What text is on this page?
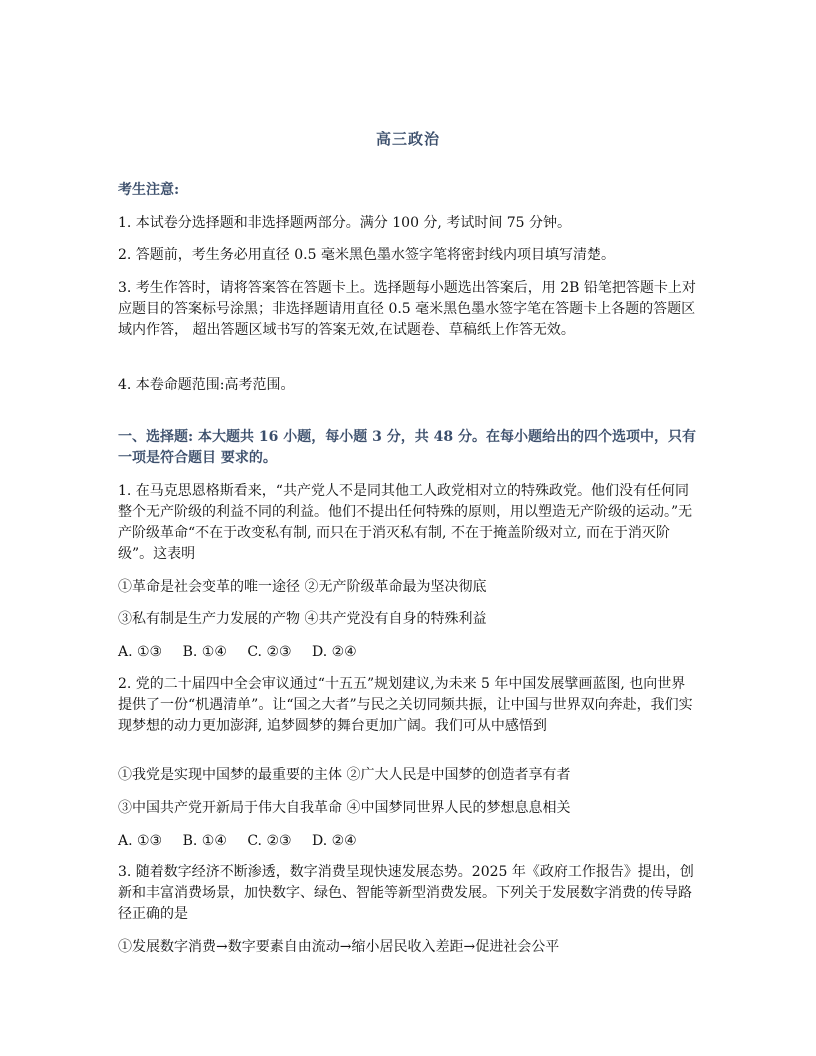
高三政治

考生注意:

1. 本试卷分选择题和非选择题两部分。满分 100 分, 考试时间 75 分钟。

2. 答题前，考生务必用直径 0.5 毫米黑色墨水签字笔将密封线内项目填写清楚。

3. 考生作答时，请将答案答在答题卡上。选择题每小题选出答案后，用 2B 铅笔把答题卡上对应题目的答案标号涂黑；非选择题请用直径 0.5 毫米黑色墨水签字笔在答题卡上各题的答题区域内作答， 超出答题区域书写的答案无效,在试题卷、草稿纸上作答无效。

4. 本卷命题范围:高考范围。

一、选择题: 本大题共 16 小题，每小题 3 分，共 48 分。在每小题给出的四个选项中，只有一项是符合题目 要求的。

1. 在马克思恩格斯看来，“共产党人不是同其他工人政党相对立的特殊政党。他们没有任何同整个无产阶级的利益不同的利益。他们不提出任何特殊的原则，用以塑造无产阶级的运动。”无产阶级革命“不在于改变私有制, 而只在于消灭私有制, 不在于掩盖阶级对立, 而在于消灭阶级”。这表明

①革命是社会变革的唯一途径 ②无产阶级革命最为坚决彻底

③私有制是生产力发展的产物 ④共产党没有自身的特殊利益

A. ①③ B. ①④ C. ②③ D. ②④

2. 党的二十届四中全会审议通过“十五五”规划建议,为未来 5 年中国发展擘画蓝图, 也向世界提供了一份“机遇清单”。让“国之大者”与民之关切同频共振，让中国与世界双向奔赴，我们实现梦想的动力更加澎湃, 追梦圆梦的舞台更加广阔。我们可从中感悟到

①我党是实现中国梦的最重要的主体 ②广大人民是中国梦的创造者享有者

③中国共产党开新局于伟大自我革命 ④中国梦同世界人民的梦想息息相关

A. ①③ B. ①④ C. ②③ D. ②④

3. 随着数字经济不断渗透，数字消费呈现快速发展态势。2025 年《政府工作报告》提出，创新和丰富消费场景，加快数字、绿色、智能等新型消费发展。下列关于发展数字消费的传导路径正确的是

①发展数字消费→数字要素自由流动→缩小居民收入差距→促进社会公平
